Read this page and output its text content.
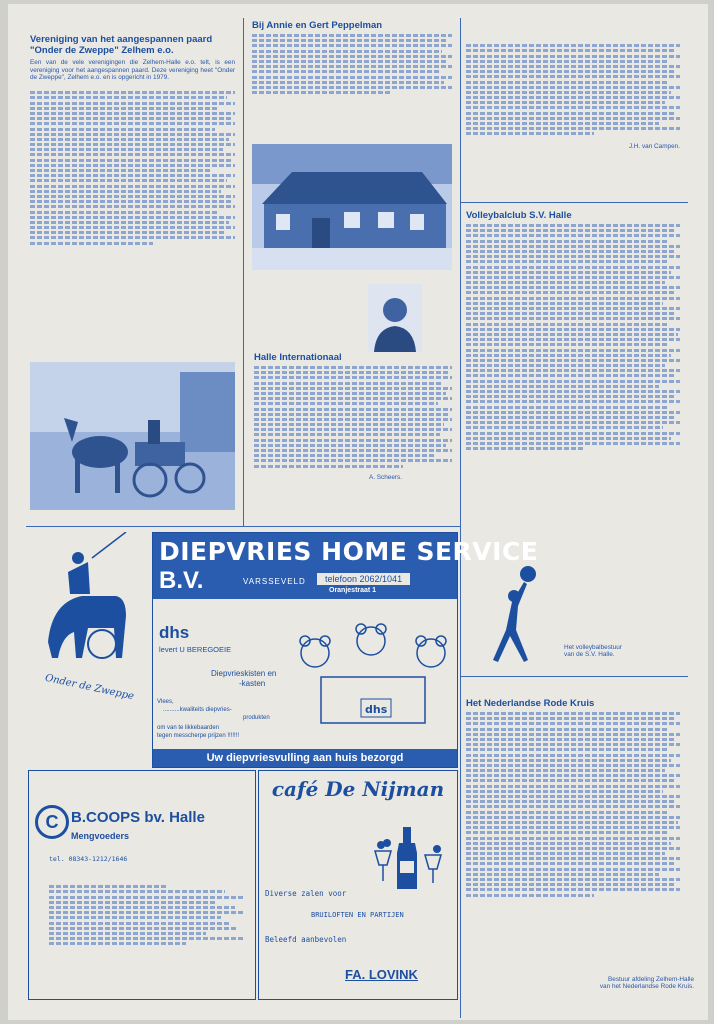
Vereniging van het aangespannen paard
"Onder de Zweppe" Zelhem e.o.
Een van de vele verenigingen die Zelhem-Halle e.o. telt, is een vereniging voor het aangespannen paard. Deze vereniging heet "Onder de Zweppe", Zelhem e.o. en is opgericht in 1979.
Bij Annie en Gert Peppelman
Halle Internationaal
A. Scheers.
J.H. van Campen.
Volleybalclub S.V. Halle
Het volleybalbestuur
van de S.V. Halle.
Het Nederlandse Rode Kruis
Bestuur afdeling Zelhem-Halle
van het Nederlandse Rode Kruis.
Onder de Zweppe
DIEPVRIES HOME SERVICE
B.V.	VARSSEVELD	telefoon 2062/1041
Oranjestraat 1
dhs
levert U BEREGOEIE
Diepvrieskisten en
-kasten
Vlees,
..........kwaliteits diepvries-
produkten
om van te likkebaarden
tegen messcherpe prijzen !!!!!!!
dhs
Uw diepvriesvulling aan huis bezorgd
C B.COOPS bv. Halle
Mengvoeders
tel. 08343-1212/1646
café De Nijman
Diverse zalen voor
BRUILOFTEN EN PARTIJEN
Beleefd aanbevolen
FA. LOVINK
